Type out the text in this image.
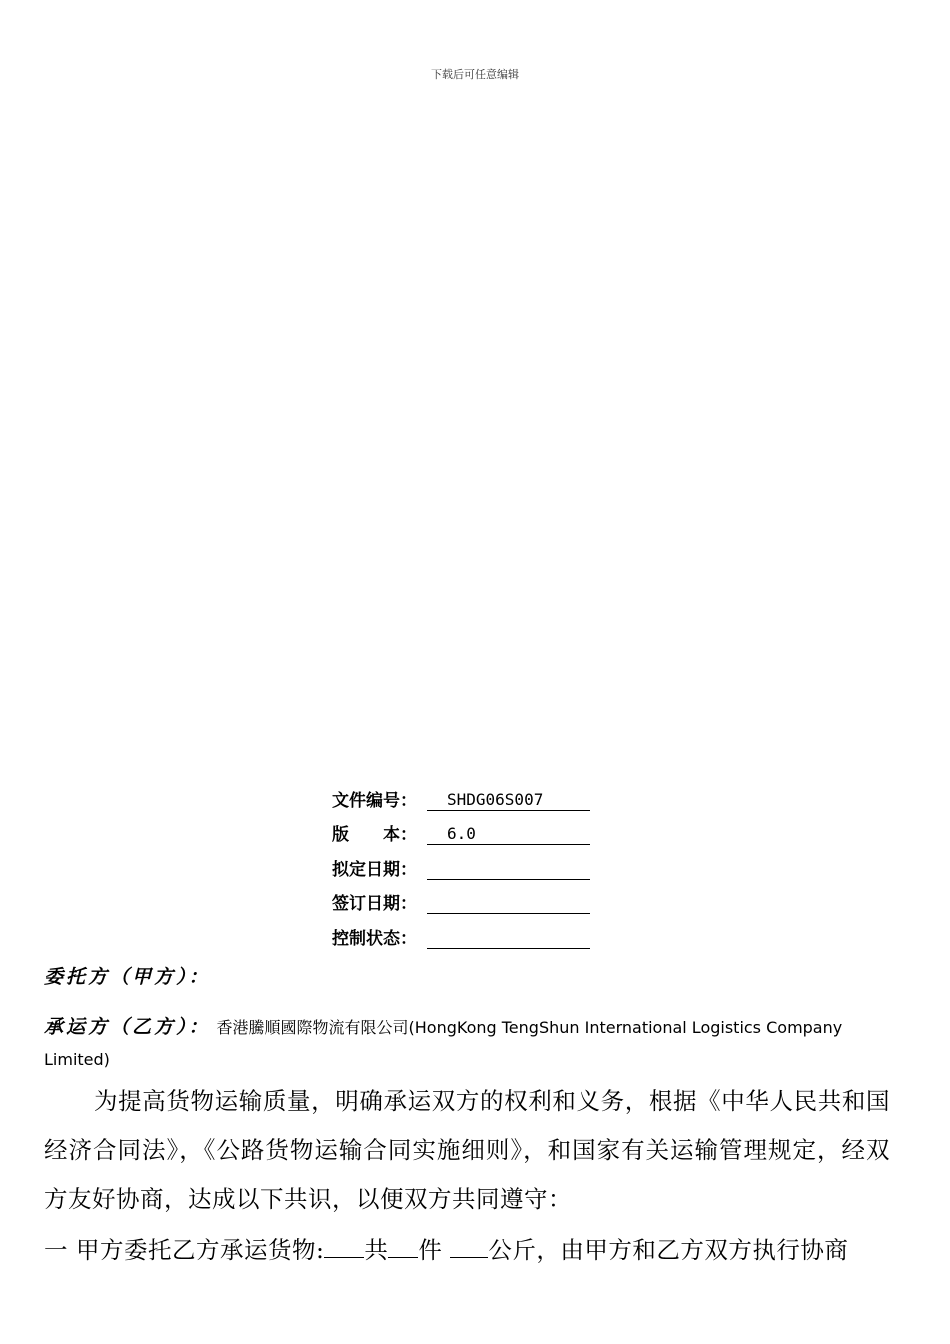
下载后可任意编辑
文件编号：	SHDG06S007
版　　本：	6.0
拟定日期：
签订日期：
控制状态：
委托方（甲方）：
承运方（乙方）： 香港騰順國際物流有限公司(HongKong TengShun International Logistics Company
Limited)
为提高货物运输质量，明确承运双方的权利和义务，根据《中华人民共和国经济合同法》，《公路货物运输合同实施细则》，和国家有关运输管理规定，经双方友好协商，达成以下共识，以便双方共同遵守：
一 甲方委托乙方承运货物: 共 件 公斤，由甲方和乙方双方执行协商
